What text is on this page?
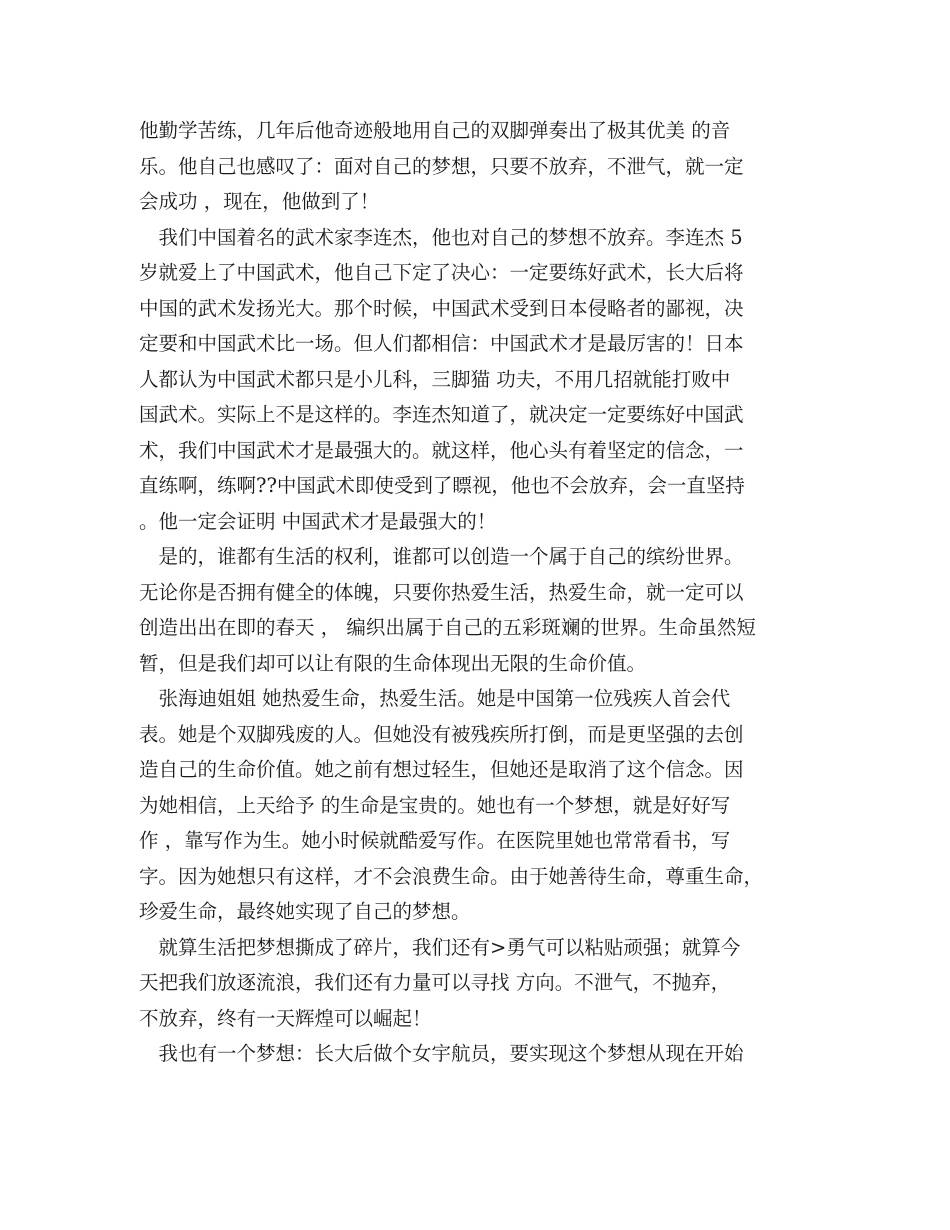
他勤学苦练，几年后他奇迹般地用自己的双脚弹奏出了极其优美 的音
乐。他自己也感叹了：面对自己的梦想，只要不放弃，不泄气，就一定
会成功 ，现在，他做到了！
　我们中国着名的武术家李连杰，他也对自己的梦想不放弃。李连杰 5
岁就爱上了中国武术，他自己下定了决心：一定要练好武术，长大后将
中国的武术发扬光大。那个时候，中国武术受到日本侵略者的鄙视，决
定要和中国武术比一场。但人们都相信：中国武术才是最厉害的！日本
人都认为中国武术都只是小儿科，三脚猫 功夫，不用几招就能打败中
国武术。实际上不是这样的。李连杰知道了，就决定一定要练好中国武
术，我们中国武术才是最强大的。就这样，他心头有着坚定的信念，一
直练啊，练啊??中国武术即使受到了瞟视，他也不会放弃，会一直坚持
。他一定会证明 中国武术才是最强大的！
　是的，谁都有生活的权利，谁都可以创造一个属于自己的缤纷世界。
无论你是否拥有健全的体魄，只要你热爱生活，热爱生命，就一定可以
创造出出在即的春天 ， 编织出属于自己的五彩斑斓的世界。生命虽然短
暂，但是我们却可以让有限的生命体现出无限的生命价值。
　张海迪姐姐 她热爱生命，热爱生活。她是中国第一位残疾人首会代
表。她是个双脚残废的人。但她没有被残疾所打倒，而是更坚强的去创
造自己的生命价值。她之前有想过轻生，但她还是取消了这个信念。因
为她相信，上天给予 的生命是宝贵的。她也有一个梦想，就是好好写
作 ，靠写作为生。她小时候就酷爱写作。在医院里她也常常看书，写
字。因为她想只有这样，才不会浪费生命。由于她善待生命，尊重生命，
珍爱生命，最终她实现了自己的梦想。
　就算生活把梦想撕成了碎片，我们还有>勇气可以粘贴顽强；就算今
天把我们放逐流浪，我们还有力量可以寻找 方向。不泄气，不抛弃，
不放弃，终有一天辉煌可以崛起！
　我也有一个梦想：长大后做个女宇航员，要实现这个梦想从现在开始
